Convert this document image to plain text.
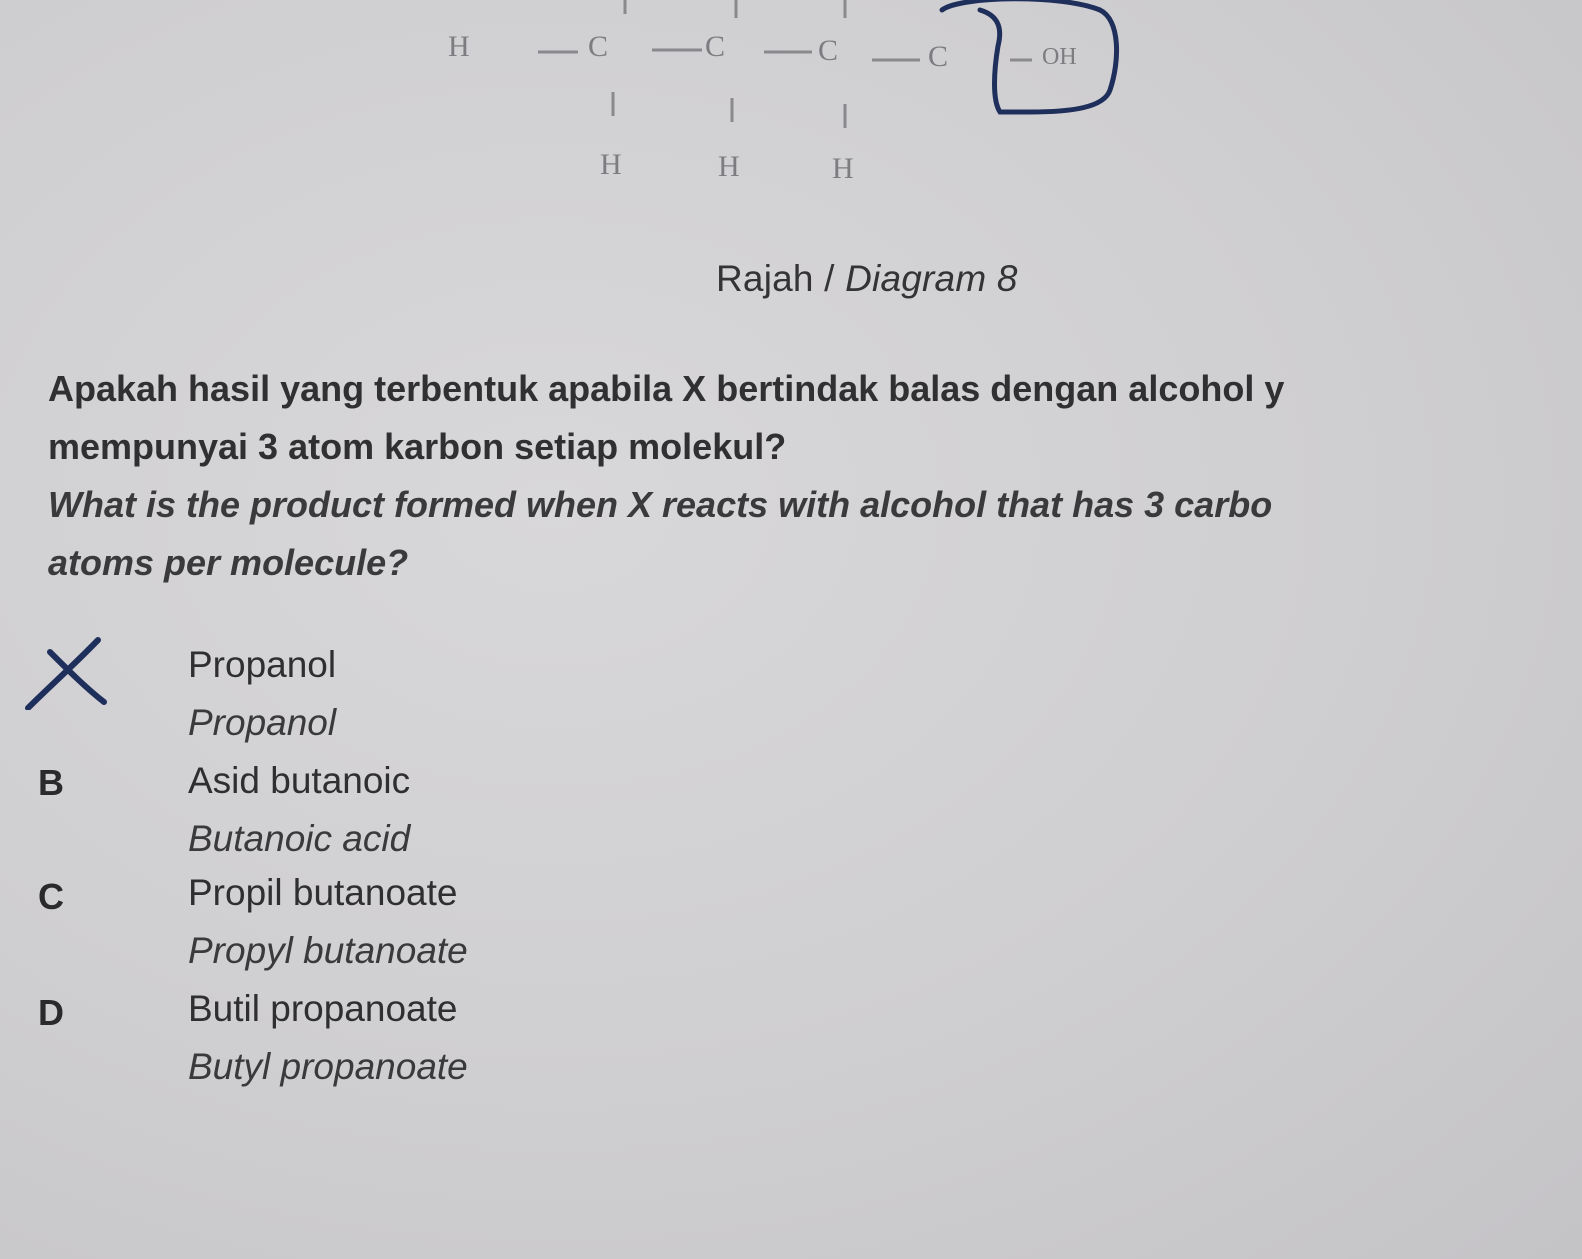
H	C	C	C	C	OH
H	H	H
Rajah / Diagram 8
Apakah hasil yang terbentuk apabila X bertindak balas dengan alcohol y
mempunyai 3 atom karbon setiap molekul?
What is the product formed when X reacts with alcohol that has 3 carbo
atoms per molecule?
Propanol
Propanol
B	Asid butanoic
Butanoic acid
C	Propil butanoate
Propyl butanoate
D	Butil propanoate
Butyl propanoate
